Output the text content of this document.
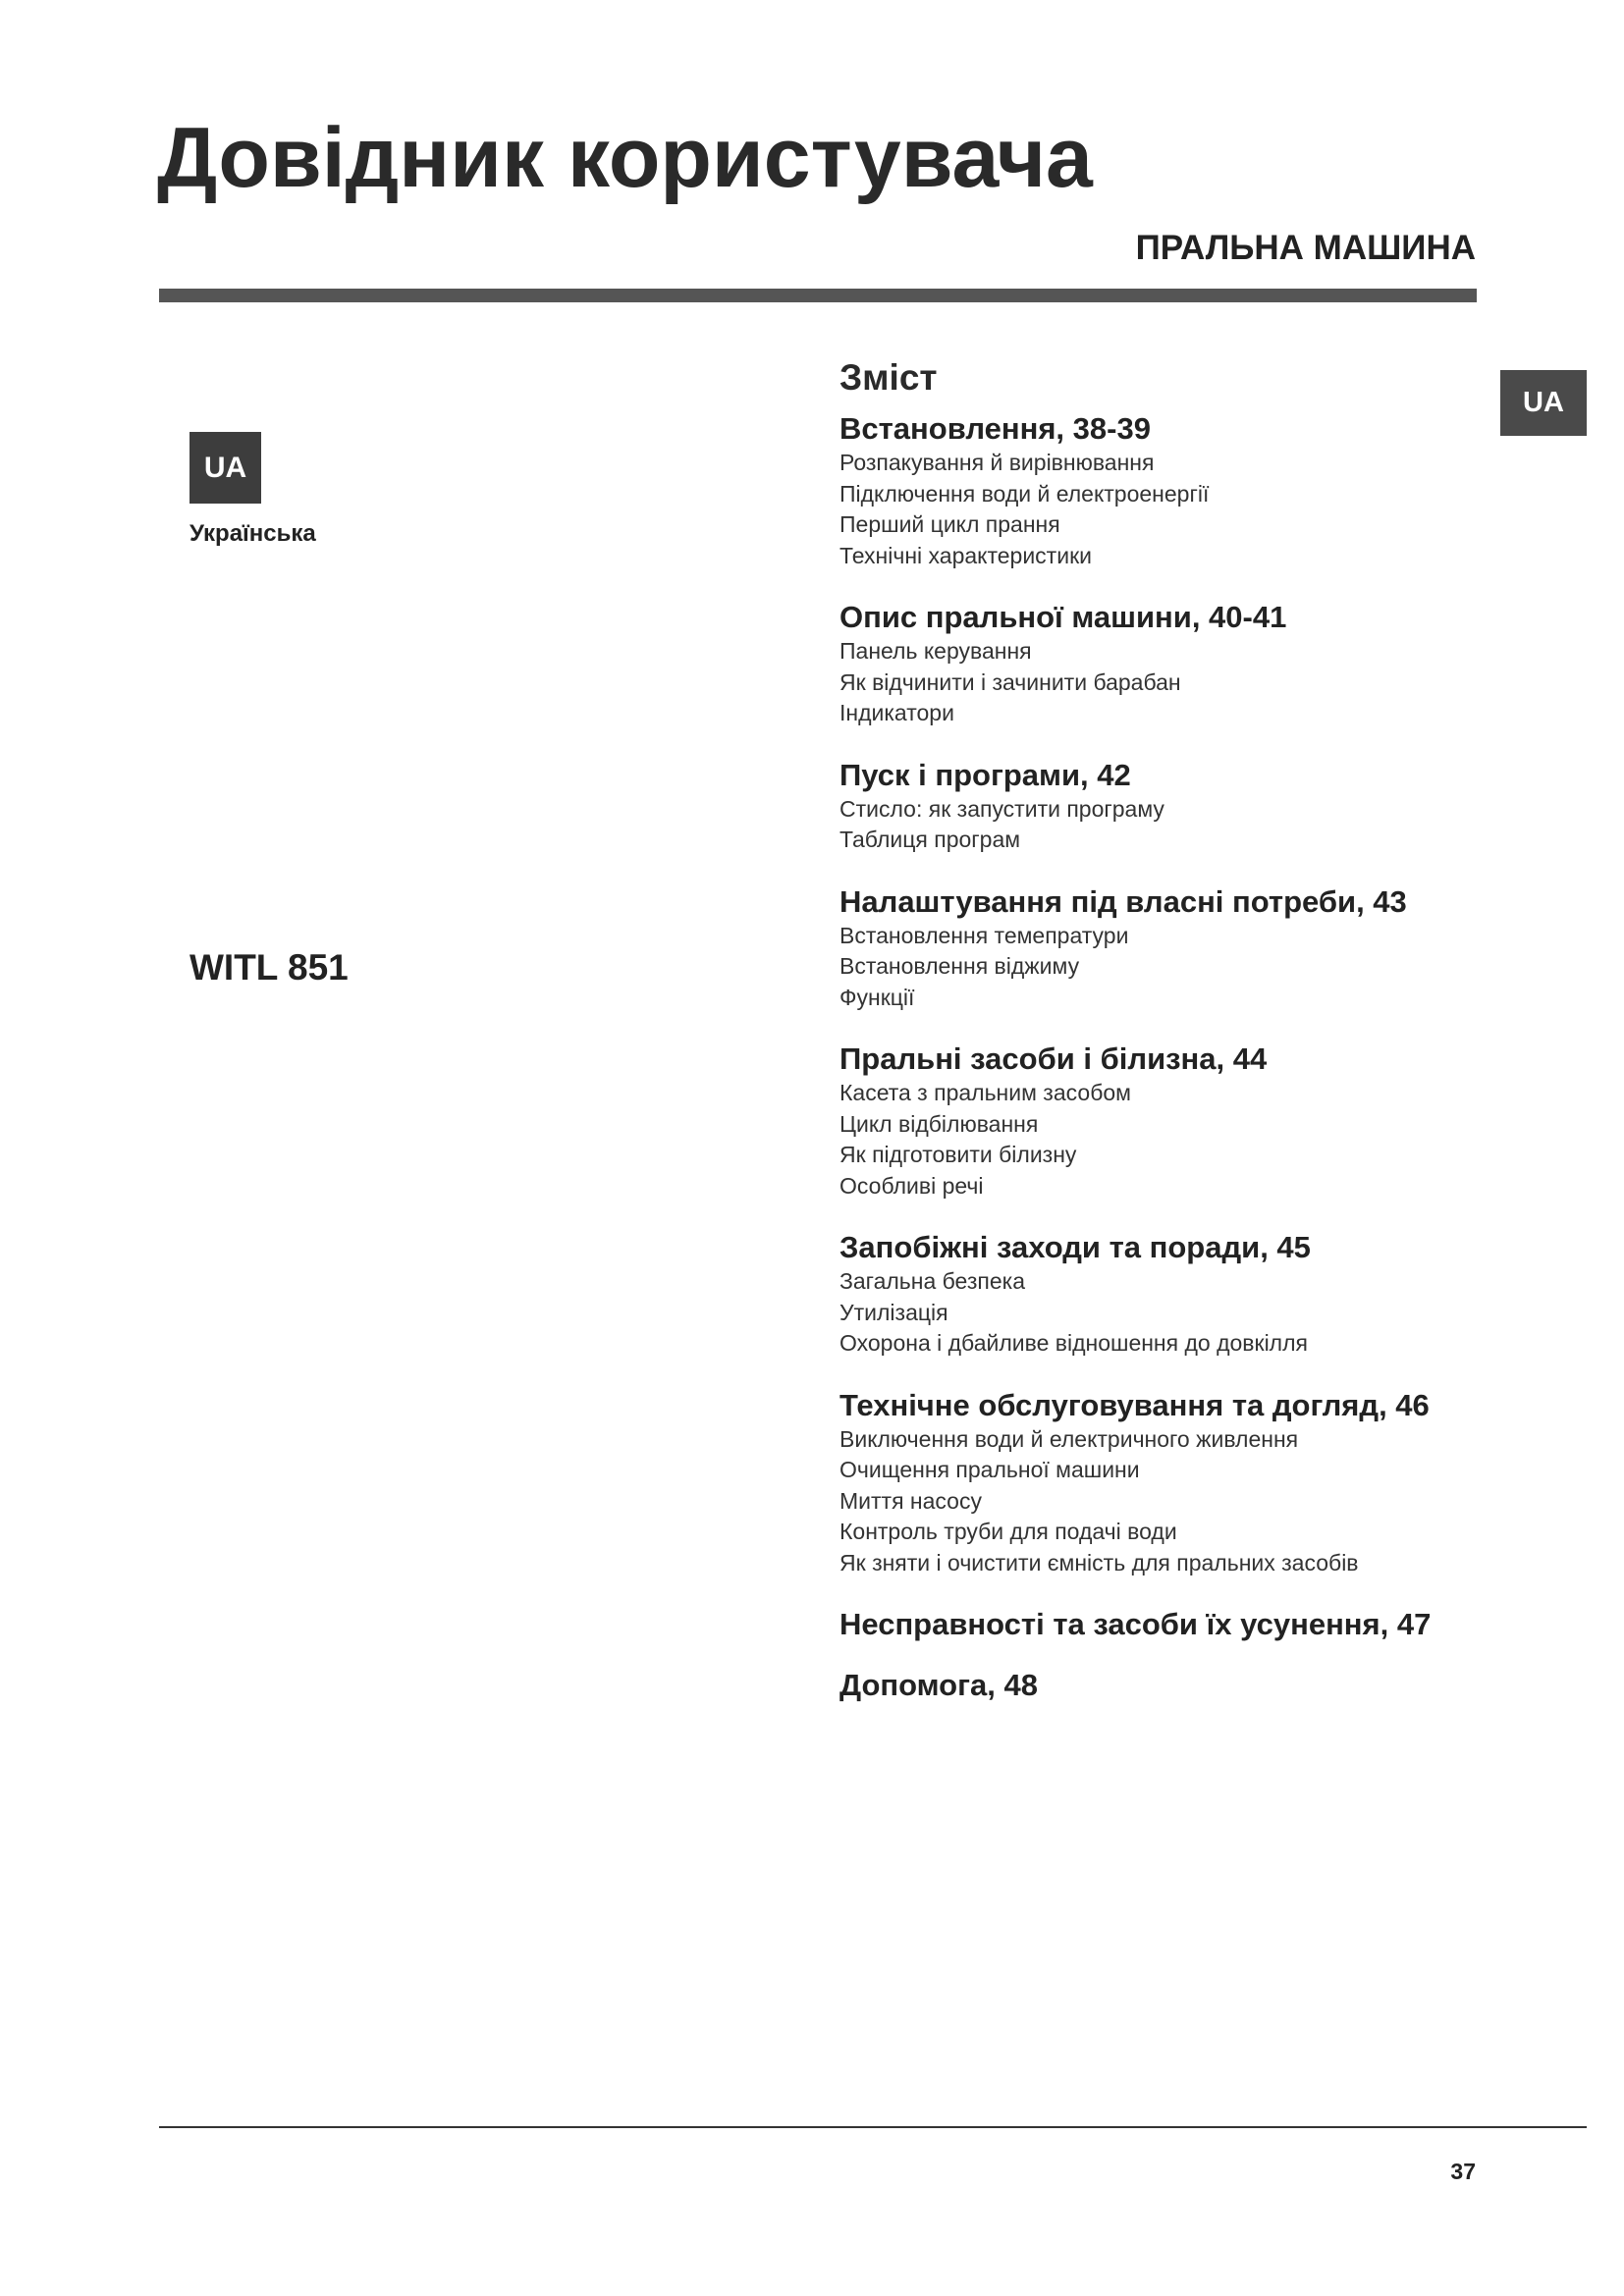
Довідник користувача
ПРАЛЬНА МАШИНА
UA
Українська
WITL 851
UA
Зміст
Встановлення, 38-39
Розпакування й вирівнювання
Підключення води й електроенергії
Перший цикл прання
Технічні характеристики
Опис пральної машини, 40-41
Панель керування
Як відчинити і зачинити барабан
Індикатори
Пуск і програми, 42
Стисло: як запустити програму
Таблиця програм
Налаштування під власні потреби, 43
Встановлення темепратури
Встановлення віджиму
Функції
Пральні засоби і білизна, 44
Касета з пральним засобом
Цикл відбілювання
Як підготовити білизну
Особливі речі
Запобіжні заходи та поради, 45
Загальна безпека
Утилізація
Охорона і дбайливе відношення до довкілля
Технічне обслуговування та догляд, 46
Виключення води й електричного живлення
Очищення пральної машини
Миття насосу
Контроль труби для подачі води
Як зняти і очистити ємність для пральних засобів
Несправності та засоби їх усунення, 47
Допомога, 48
37
